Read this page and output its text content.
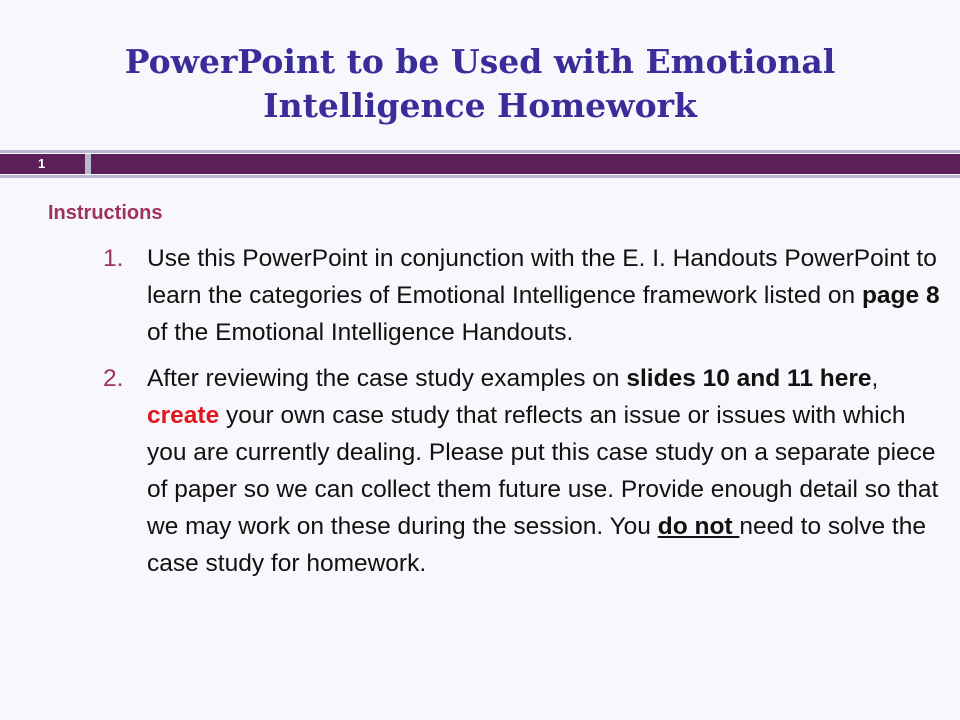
PowerPoint to be Used with Emotional
Intelligence Homework
1
Instructions
1. Use this PowerPoint in conjunction with the E. I. Handouts PowerPoint to learn the categories of Emotional Intelligence framework listed on page 8 of the Emotional Intelligence Handouts.
2. After reviewing the case study examples on slides 10 and 11 here, create your own case study that reflects an issue or issues with which you are currently dealing. Please put this case study on a separate piece of paper so we can collect them future use. Provide enough detail so that we may work on these during the session. You do not need to solve the case study for homework.
